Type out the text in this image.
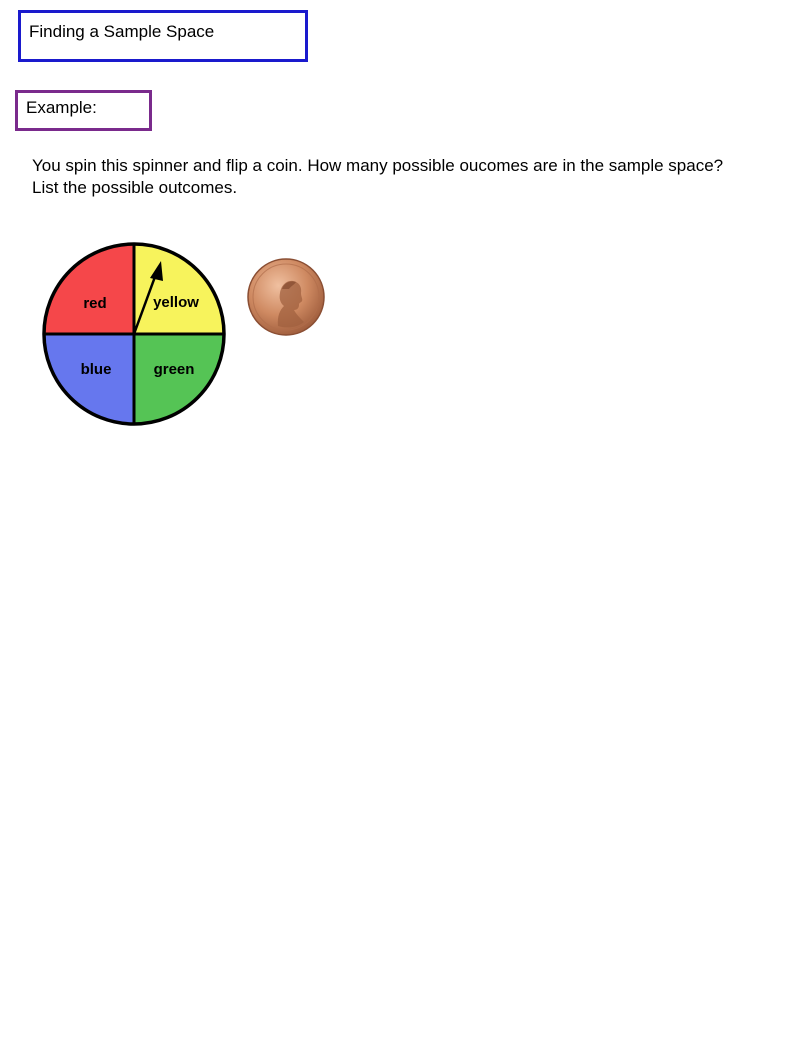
Finding a Sample Space
Example:
You spin this spinner and flip a coin. How many possible oucomes are in the sample space?
List the possible outcomes.
red	yellow
blue	green
